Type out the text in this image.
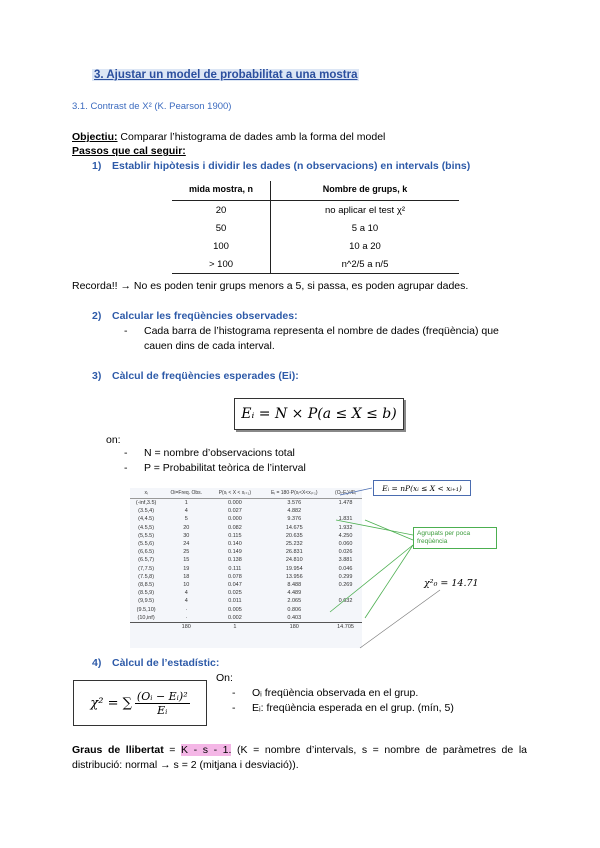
3. Ajustar un model de probabilitat a una mostra
3.1. Contrast de X² (K. Pearson 1900)
Objectiu: Comparar l’histograma de dades amb la forma del model
Passos que cal seguir:
1) Establir hipòtesis i dividir les dades (n observacions) en intervals (bins)
mida mostra, n	Nombre de grups, k
20	no aplicar el test χ²
50	5 a 10
100	10 a 20
> 100	n^2/5 a n/5
Recorda!! → No es poden tenir grups menors a 5, si passa, es poden agrupar dades.
2) Calcular les freqüències observades:
- Cada barra de l’histograma representa el nombre de dades (freqüència) que
cauen dins de cada interval.
3) Càlcul de freqüències esperades (Ei):
Eᵢ = N × P(a ≤ X ≤ b)
on:
- N = nombre d’observacions total
- P = Probabilitat teòrica de l’interval
xᵢ	Oi=Freq. Obs.	P(xᵢ < X < xᵢ₊₁)	Eᵢ = 180·P(xᵢ<X<xᵢ₊₁)	(Oᵢ-Eᵢ)²/Eᵢ
(-inf,3.5)	1	0.000	3.576	1.478
(3.5,4)	4	0.027	4.882	
(4,4.5)	5	0.000	9.376	1.831
(4.5,5)	20	0.082	14.675	1.932
(5,5.5)	30	0.115	20.635	4.250
(5.5,6)	24	0.140	25.232	0.060
(6,6.5)	25	0.149	26.831	0.026
(6.5,7)	15	0.138	24.810	3.881
(7,7.5)	19	0.111	19.954	0.046
(7.5,8)	18	0.078	13.956	0.299
(8,8.5)	10	0.047	8.488	0.269
(8.5,9)	4	0.025	4.489	
(9,9.5)	4	0.011	2.065	0.632
(9.5,10)	·	0.005	0.806	
(10,inf)	·	0.002	0.403	
	180	1	180	14.705
Eᵢ = nP(xᵢ ≤ X < xᵢ₊₁)
Agrupats per poca freqüència
χ²₀ = 14.71
4) Càlcul de l’estadístic:
χ² = ∑ $\frac{\text{(Oᵢ − Eᵢ)²}}{\text{Eᵢ}}$
On:
- Oᵢ freqüència observada en el grup.
- Eᵢ: freqüència esperada en el grup. (mín, 5)
Graus de llibertat = K - s - 1. (K = nombre d’intervals, s = nombre de paràmetres de la distribució: normal → s = 2 (mitjana i desviació)).
